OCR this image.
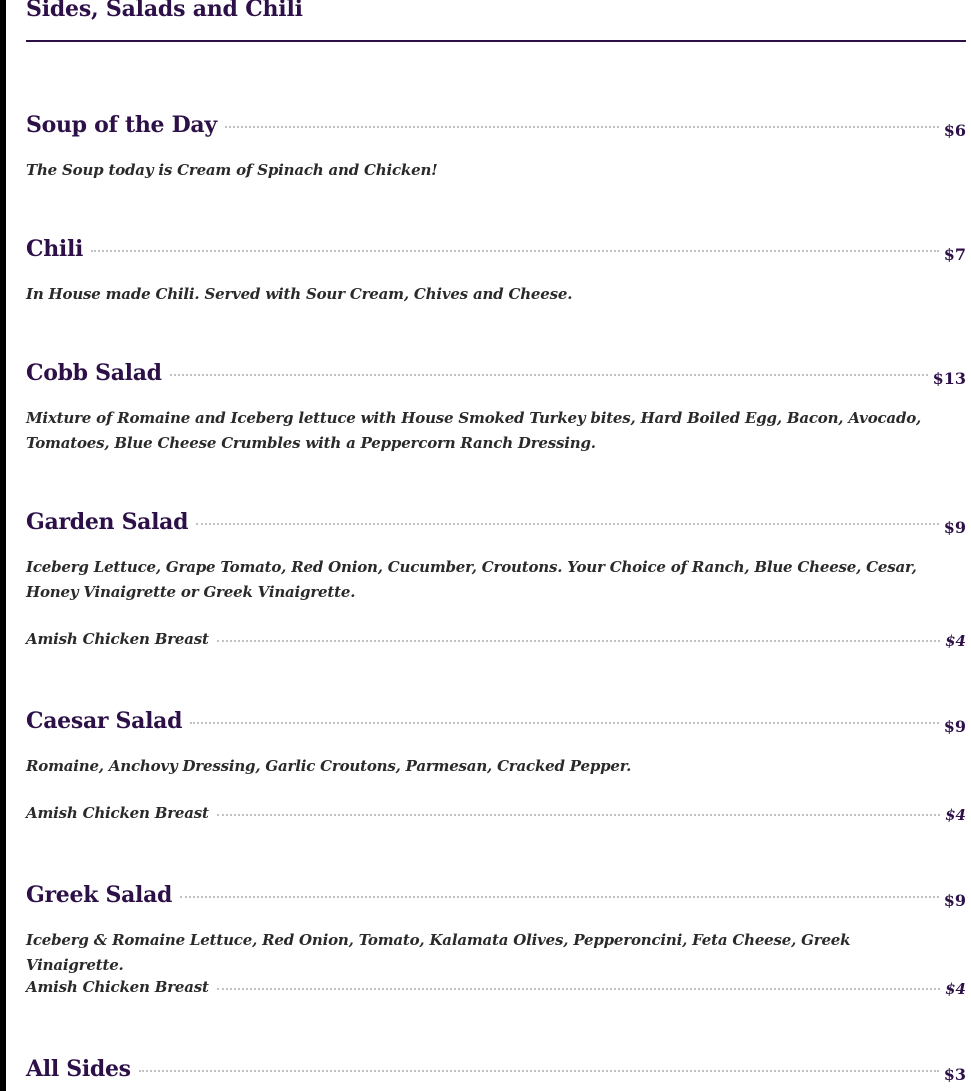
Sides, Salads and Chili
Soup of the Day	$6

The Soup today is Cream of Spinach and Chicken!

Chili	$7

In House made Chili. Served with Sour Cream, Chives and Cheese.

Cobb Salad	$13

Mixture of Romaine and Iceberg lettuce with House Smoked Turkey bites, Hard Boiled Egg, Bacon, Avocado, Tomatoes, Blue Cheese Crumbles with a Peppercorn Ranch Dressing.

Garden Salad	$9

Iceberg Lettuce, Grape Tomato, Red Onion, Cucumber, Croutons. Your Choice of Ranch, Blue Cheese, Cesar, Honey Vinaigrette or Greek Vinaigrette.

Amish Chicken Breast	$4
Caesar Salad	$9

Romaine, Anchovy Dressing, Garlic Croutons, Parmesan, Cracked Pepper.

Amish Chicken Breast	$4
Greek Salad	$9

Iceberg & Romaine Lettuce, Red Onion, Tomato, Kalamata Olives, Pepperoncini, Feta Cheese, Greek Vinaigrette.

Amish Chicken Breast	$4
All Sides	$3
